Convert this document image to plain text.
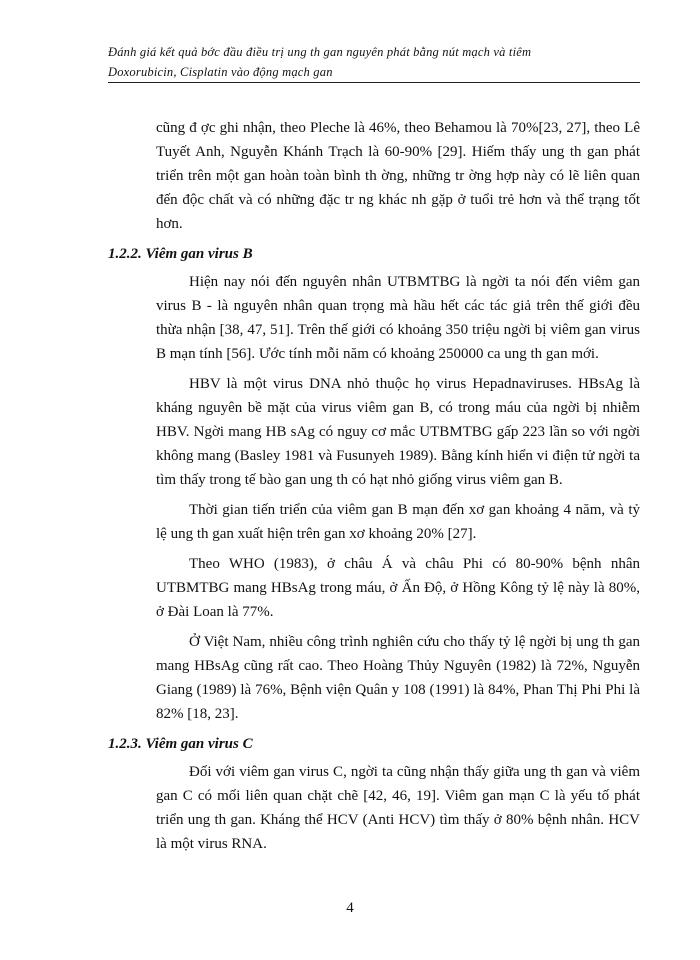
Đánh giá kết quả bớc đầu điều trị ung th gan nguyên phát bằng nút mạch và tiêm
Doxorubicin, Cisplatin vào động mạch gan

cũng đ ợc ghi nhận, theo Pleche là 46%, theo Behamou là 70%[23, 27], theo Lê Tuyết Anh, Nguyễn Khánh Trạch là 60-90% [29]. Hiếm thấy ung th gan phát triển trên một gan hoàn toàn bình th ờng, những tr ờng hợp này có lẽ liên quan đến độc chất và có những đặc tr ng khác nh gặp ở tuổi trẻ hơn và thể trạng tốt hơn.

1.2.2. Viêm gan virus B

Hiện nay nói đến nguyên nhân UTBMTBG là ngời ta nói đến viêm gan virus B - là nguyên nhân quan trọng mà hầu hết các tác giả trên thế giới đều thừa nhận [38, 47, 51]. Trên thế giới có khoảng 350 triệu ngời bị viêm gan virus B mạn tính [56]. Ước tính mỗi năm có khoảng 250000 ca ung th gan mới.

HBV là một virus DNA nhỏ thuộc họ virus Hepadnaviruses. HBsAg là kháng nguyên bề mặt của virus viêm gan B, có trong máu của ngời bị nhiễm HBV. Ngời mang HB sAg có nguy cơ mắc UTBMTBG gấp 223 lần so với ngời không mang (Basley 1981 và Fusunyeh 1989). Bằng kính hiển vi điện tử ngời ta tìm thấy trong tế bào gan ung th có hạt nhỏ giống virus viêm gan B.

Thời gian tiến triển của viêm gan B mạn đến xơ gan khoảng 4 năm, và tỷ lệ ung th gan xuất hiện trên gan xơ khoảng 20% [27].

Theo WHO (1983), ở châu Á và châu Phi có 80-90% bệnh nhân UTBMTBG mang HBsAg trong máu, ở Ấn Độ, ở Hồng Kông tỷ lệ này là 80%, ở Đài Loan là 77%.

Ở Việt Nam, nhiều công trình nghiên cứu cho thấy tỷ lệ ngời bị ung th gan mang HBsAg cũng rất cao. Theo Hoàng Thủy Nguyên (1982) là 72%, Nguyễn Giang (1989) là 76%, Bệnh viện Quân y 108 (1991) là 84%, Phan Thị Phi Phi là 82% [18, 23].

1.2.3. Viêm gan virus C

Đối với viêm gan virus C, ngời ta cũng nhận thấy giữa ung th gan và viêm gan C có mối liên quan chặt chẽ [42, 46, 19]. Viêm gan mạn C là yếu tố phát triển ung th gan. Kháng thể HCV (Anti HCV) tìm thấy ở 80% bệnh nhân. HCV là một virus RNA.

4
